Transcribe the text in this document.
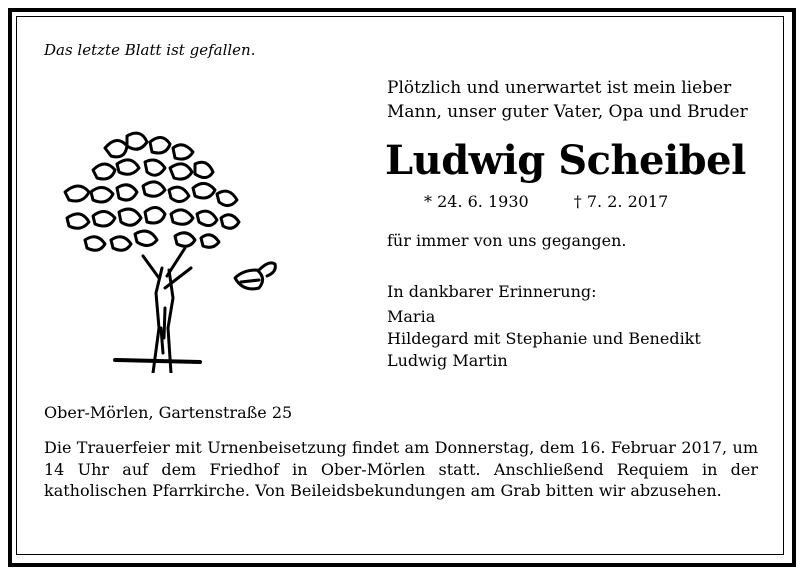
Das letzte Blatt ist gefallen.
Plötzlich und unerwartet ist mein lieber
Mann, unser guter Vater, Opa und Bruder
Ludwig Scheibel
* 24. 6. 1930	† 7. 2. 2017
für immer von uns gegangen.
In dankbarer Erinnerung:
Maria
Hildegard mit Stephanie und Benedikt
Ludwig Martin
Ober-Mörlen, Gartenstraße 25
Die Trauerfeier mit Urnenbeisetzung findet am Donnerstag, dem 16. Februar 2017, um 14 Uhr auf dem Friedhof in Ober-Mörlen statt. Anschließend Requiem in der katholischen Pfarrkirche. Von Beileidsbekundungen am Grab bitten wir abzusehen.
